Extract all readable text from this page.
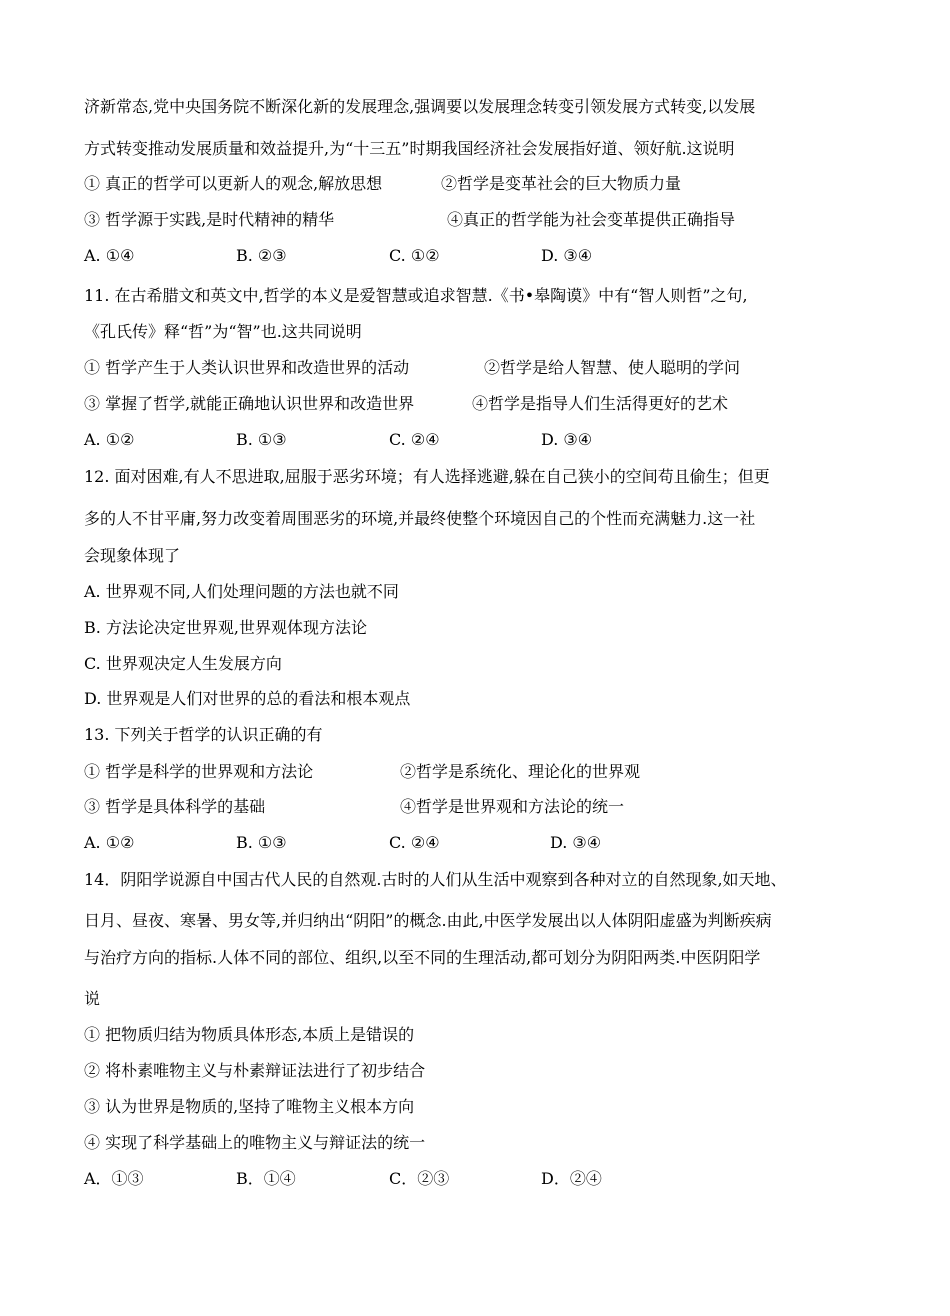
济新常态,党中央国务院不断深化新的发展理念,强调要以发展理念转变引领发展方式转变,以发展
方式转变推动发展质量和效益提升,为“十三五”时期我国经济社会发展指好道、领好航.这说明
① 真正的哲学可以更新人的观念,解放思想	②哲学是变革社会的巨大物质力量
③ 哲学源于实践,是时代精神的精华	④真正的哲学能为社会变革提供正确指导
A. ①④	B. ②③	C. ①②	D. ③④
11. 在古希腊文和英文中,哲学的本义是爱智慧或追求智慧.《书•皋陶谟》中有“智人则哲”之句,
《孔氏传》释“哲”为“智”也.这共同说明
① 哲学产生于人类认识世界和改造世界的活动	②哲学是给人智慧、使人聪明的学问
③ 掌握了哲学,就能正确地认识世界和改造世界	④哲学是指导人们生活得更好的艺术
A. ①②	B. ①③	C. ②④	D. ③④
12. 面对困难,有人不思进取,屈服于恶劣环境；有人选择逃避,躲在自己狭小的空间苟且偷生；但更
多的人不甘平庸,努力改变着周围恶劣的环境,并最终使整个环境因自己的个性而充满魅力.这一社
会现象体现了
A. 世界观不同,人们处理问题的方法也就不同
B. 方法论决定世界观,世界观体现方法论
C. 世界观决定人生发展方向
D. 世界观是人们对世界的总的看法和根本观点
13. 下列关于哲学的认识正确的有
① 哲学是科学的世界观和方法论	②哲学是系统化、理论化的世界观
③ 哲学是具体科学的基础	④哲学是世界观和方法论的统一
A. ①②	B. ①③	C. ②④	D. ③④
14．阴阳学说源自中国古代人民的自然观.古时的人们从生活中观察到各种对立的自然现象,如天地、
日月、昼夜、寒暑、男女等,并归纳出“阴阳”的概念.由此,中医学发展出以人体阴阳虚盛为判断疾病
与治疗方向的指标.人体不同的部位、组织,以至不同的生理活动,都可划分为阴阳两类.中医阴阳学
说
① 把物质归结为物质具体形态,本质上是错误的
② 将朴素唯物主义与朴素辩证法进行了初步结合
③ 认为世界是物质的,坚持了唯物主义根本方向
④ 实现了科学基础上的唯物主义与辩证法的统一
A．①③	B．①④	C．②③	D．②④
